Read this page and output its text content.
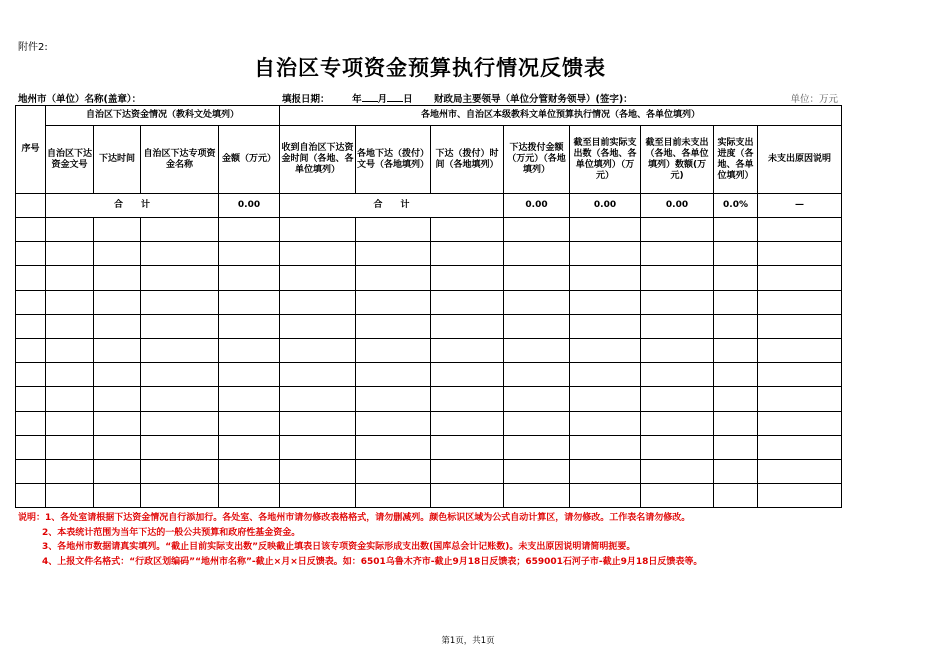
附件2:
自治区专项资金预算执行情况反馈表
地州市（单位）名称(盖章）：	填报日期： 年 月 日 财政局主要领导（单位分管财务领导）(签字)：	单位：万元
序号	自治区下达资金情况（教科文处填列）				各地州市、自治区本级教科文单位预算执行情况（各地、各单位填列）							
	自治区下达资金文号	下达时间	自治区下达专项资金名称	金额（万元）	收到自治区下达资金时间（各地、各单位填列）	各地下达（拨付）文号（各地填列）	下达（拨付）时间（各地填列）	下达拨付金额（万元）（各地填列）	截至目前实际支出数（各地、各单位填列）（万元）	截至目前未支出（各地、各单位填列）数额(万元)	实际支出进度（各地、各单位填列）	未支出原因说明
	合　　计			0.00	合　　计			0.00	0.00	0.00	0.0%	—

说明：1、各处室请根据下达资金情况自行添加行。各处室、各地州市请勿修改表格格式，请勿删减列。颜色标识区域为公式自动计算区，请勿修改。工作表名请勿修改。
2、本表统计范围为当年下达的一般公共预算和政府性基金资金。
3、各地州市数据请真实填列。“截止目前实际支出数”反映截止填表日该专项资金实际形成支出数(国库总会计记账数)。未支出原因说明请简明扼要。
4、上报文件名格式：“行政区划编码”“地州市名称”-截止×月×日反馈表。如：6501乌鲁木齐市-截止9月18日反馈表；659001石河子市-截止9月18日反馈表等。
第1页，共1页
